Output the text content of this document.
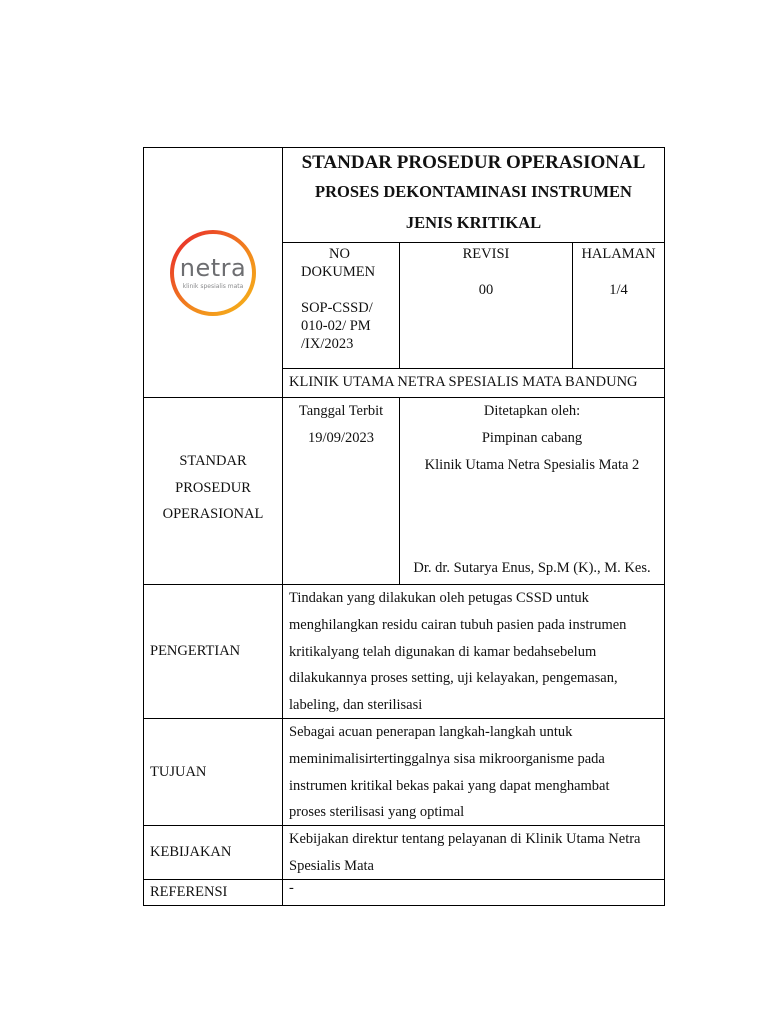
netra
klinik spesialis mata
STANDAR PROSEDUR OPERASIONAL
PROSES DEKONTAMINASI INSTRUMEN
JENIS KRITIKAL
NO
DOKUMEN
SOP-CSSD/
010-02/ PM
/IX/2023
REVISI
00
HALAMAN
1/4
KLINIK UTAMA NETRA SPESIALIS MATA BANDUNG
STANDAR
PROSEDUR
OPERASIONAL
Tanggal Terbit
19/09/2023
Ditetapkan oleh:
Pimpinan cabang
Klinik Utama Netra Spesialis Mata 2
Dr. dr. Sutarya Enus, Sp.M (K)., M. Kes.
PENGERTIAN
Tindakan yang dilakukan oleh petugas CSSD untuk
menghilangkan residu cairan tubuh pasien pada instrumen
kritikalyang telah digunakan di kamar bedahsebelum
dilakukannya proses setting, uji kelayakan, pengemasan,
labeling, dan sterilisasi
TUJUAN
Sebagai acuan penerapan langkah-langkah untuk
meminimalisirtertinggalnya sisa mikroorganisme pada
instrumen kritikal bekas pakai yang dapat menghambat
proses sterilisasi yang optimal
KEBIJAKAN
Kebijakan direktur tentang pelayanan di Klinik Utama Netra
Spesialis Mata
REFERENSI	-
